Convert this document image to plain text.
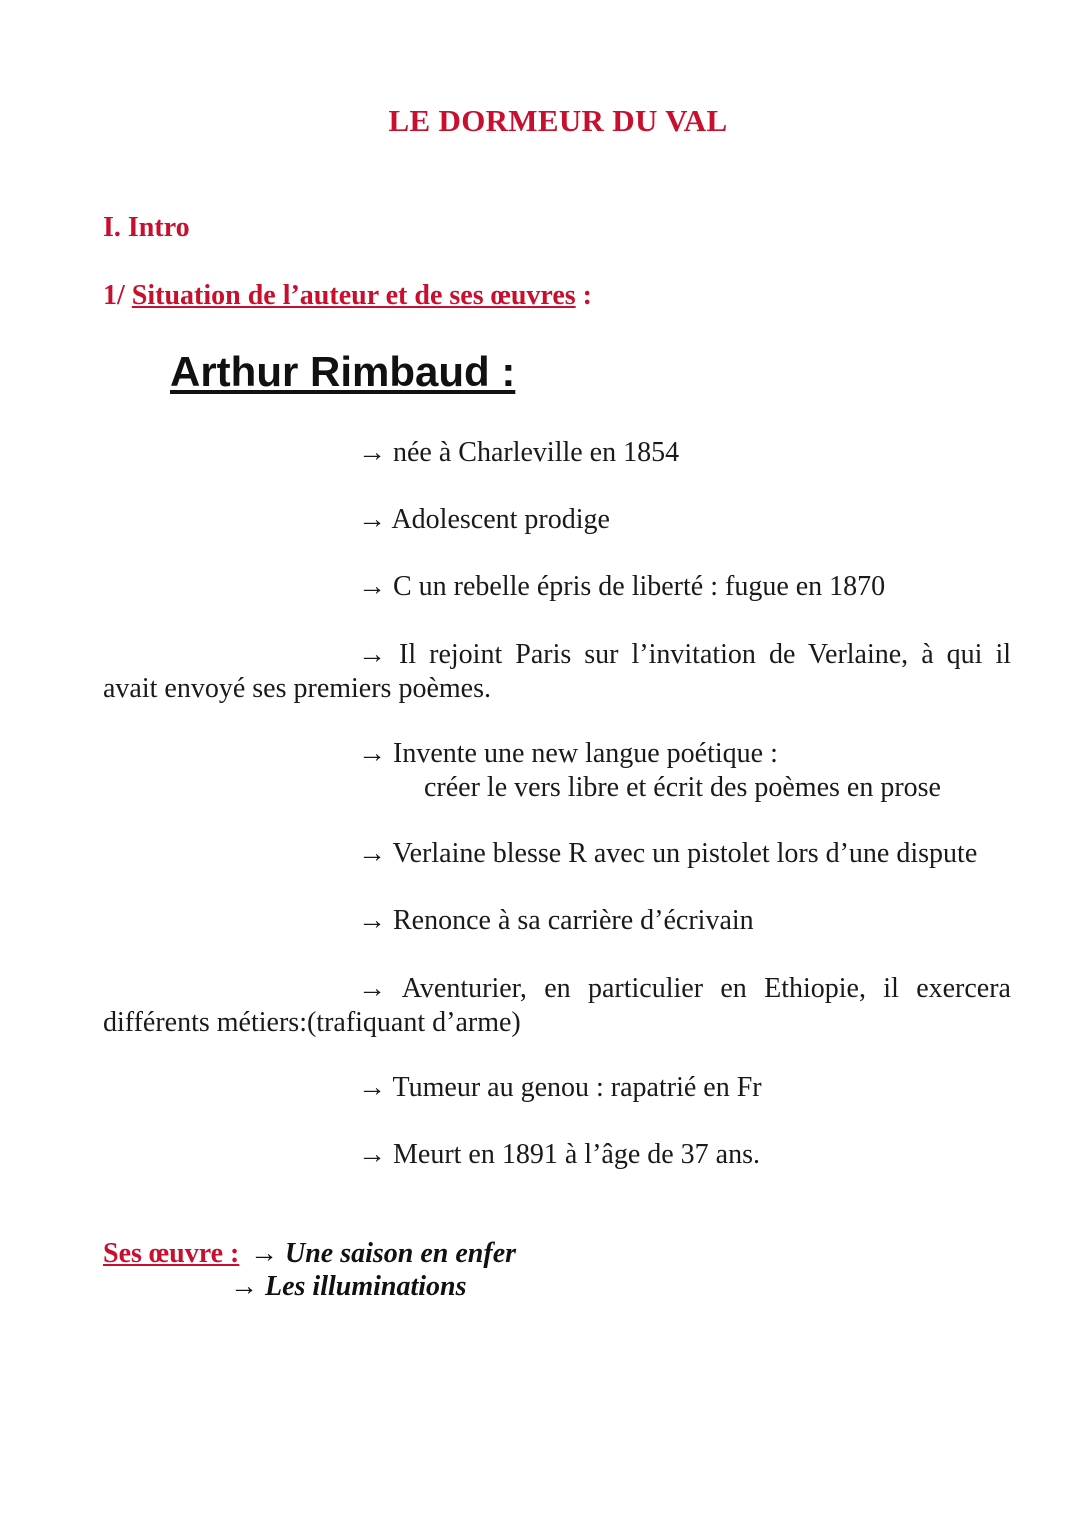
LE DORMEUR DU VAL
I. Intro
1/ Situation de l’auteur et de ses œuvres :
Arthur Rimbaud :
→ née à Charleville en 1854
→ Adolescent prodige
→ C un rebelle épris de liberté : fugue en 1870
→ Il rejoint Paris sur l’invitation de Verlaine, à qui il
avait envoyé ses premiers poèmes.
→ Invente une new langue poétique :
créer le vers libre et écrit des poèmes en prose
→ Verlaine blesse R avec un pistolet lors d’une dispute
→ Renonce à sa carrière d’écrivain
→ Aventurier, en particulier en Ethiopie, il exercera
différents métiers:(trafiquant d’arme)
→ Tumeur au genou : rapatrié en Fr
→ Meurt en 1891 à l’âge de 37 ans.
Ses œuvre : → Une saison en enfer
→ Les illuminations
